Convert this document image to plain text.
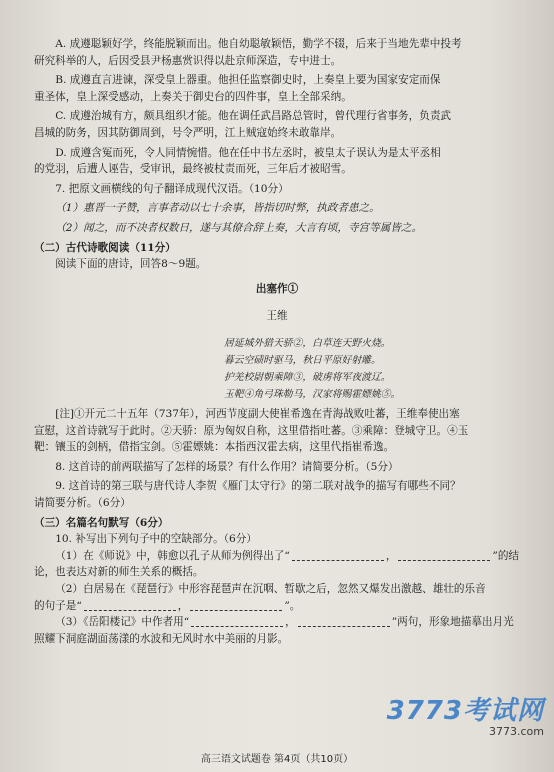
A. 成遵聪颖好学，终能脱颖而出。他自幼聪敏颖悟，勤学不辍，后来于当地先辈中投考

研究科举的人，后因受县尹杨惠赏识得以赴京师深造，专中进士。

B. 成遵直言进谏，深受皇上器重。他担任监察御史时，上奏皇上要为国家安定而保

重圣体，皇上深受感动，上奏关于御史台的四件事，皇上全部采纳。

C. 成遵治城有方，颇具组织才能。他在调任武昌路总管时，曾代理行省事务，负责武

昌城的防务，因其防御周到，号令严明，江上贼寇始终未敢靠岸。

D. 成遵含冤而死，令人同情惋惜。他在任中书左丞时，被皇太子误认为是太平丞相

的党羽，后遭人诬告，受审讯，最终被杖责而死，三年后才被昭雪。

7. 把原文画横线的句子翻译成现代汉语。（10分）

（1）惠晋一子赞，言事者动以七十余事，皆指切时弊，执政者患之。

（2）闻之，而不决者权数日，遂与其僚合辞上奏，大言有顷，寺宫等属皆之。

（二）古代诗歌阅读（11分）

阅读下面的唐诗，回答8～9题。

出塞作①

王维

居延城外猎天骄②，白草连天野火烧。
暮云空碛时驱马，秋日平原好射雕。
护羌校尉朝乘障③，破虏将军夜渡辽。
玉靶④角弓珠勒马，汉家将赐霍嫖姚⑤。

[注]①开元二十五年（737年），河西节度副大使崔希逸在青海战败吐蕃，王维奉使出塞

宣慰，这首诗就写于此时。②天骄：原为匈奴自称，这里借指吐蕃。③乘障：登城守卫。④玉

靶：镶玉的剑柄，借指宝剑。⑤霍嫖姚：本指西汉霍去病，这里代指崔希逸。

8. 这首诗的前两联描写了怎样的场景？有什么作用？请简要分析。（5分）

9. 这首诗的第三联与唐代诗人李贺《雁门太守行》的第二联对战争的描写有哪些不同？

请简要分析。（6分）

（三）名篇名句默写（6分）

10. 补写出下列句子中的空缺部分。（6分）

（1）在《师说》中，韩愈以孔子从师为例得出了“	，	”的结

论，也表达对新的师生关系的概括。

（2）白居易在《琵琶行》中形容琵琶声在沉咽、暂歇之后，忽然又爆发出激越、雄壮的乐音

的句子是“	，	”。

（3）《岳阳楼记》中作者用“	，	”两句，形象地描摹出月光

照耀下洞庭湖面荡漾的水波和无风时水中美丽的月影。

3773考试网
3773.com
高三语文试题卷 第4页（共10页）
